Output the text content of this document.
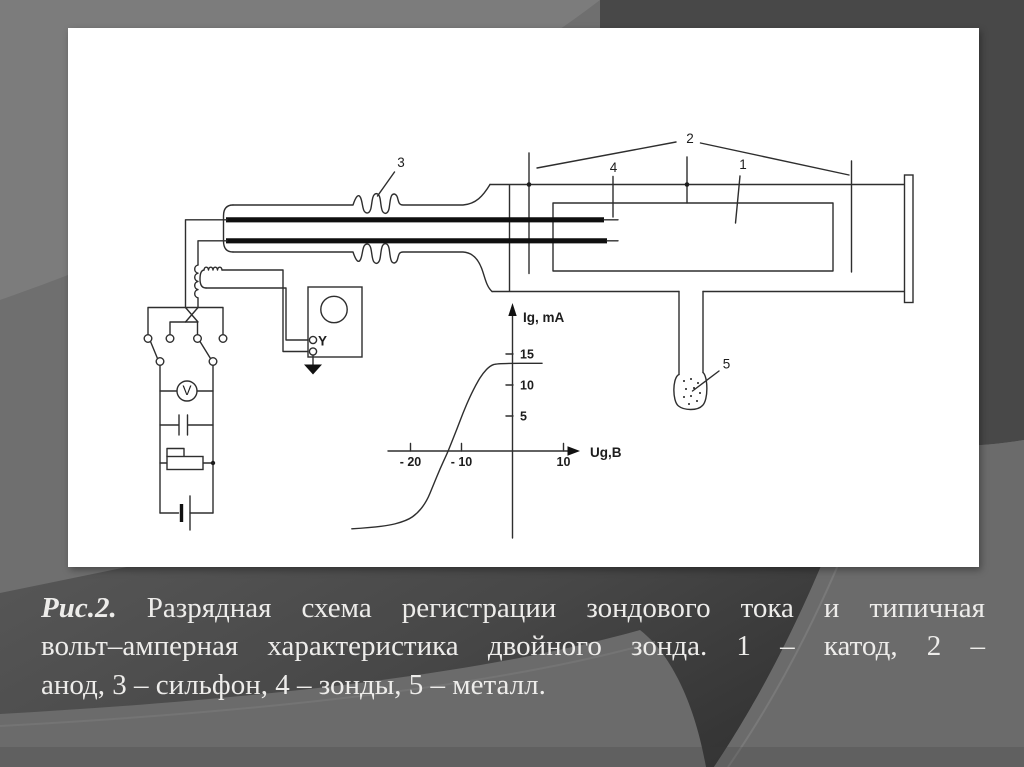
V
Y
1
2
3	4
5
Ig, mA
Ug,B
- 20 - 10	10
5
10
15
Рис.2. Разрядная схема регистрации зондового тока и типичная
вольт–амперная характеристика двойного зонда. 1 – катод, 2 –
анод, 3 – сильфон, 4 – зонды, 5 – металл.
